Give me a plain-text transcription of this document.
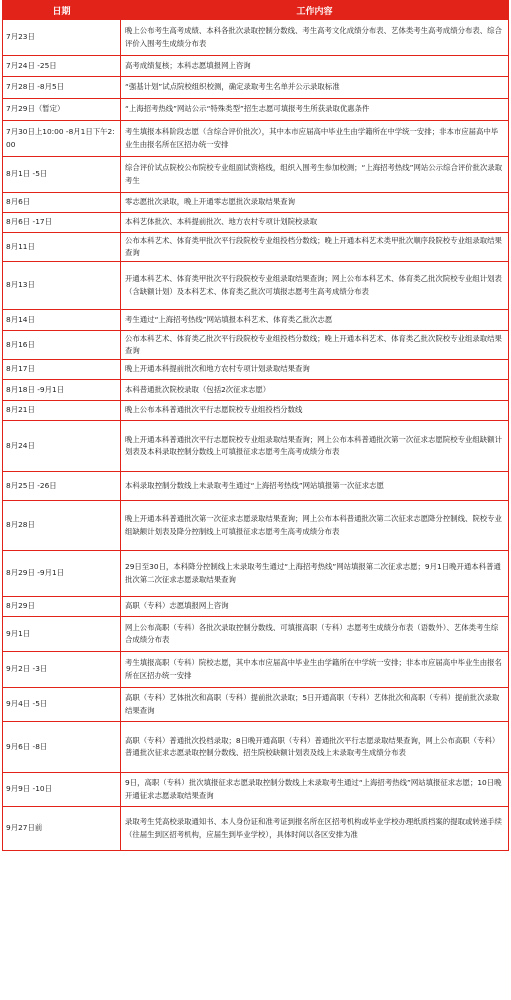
日期	工作内容
7月23日	晚上公布考生高考成绩、本科各批次录取控制分数线、考生高考文化成绩分布表、艺体类考生高考成绩分布表、综合评价入围考生成绩分布表
7月24日 -25日	高考成绩复核；本科志愿填报网上咨询
7月28日 -8月5日	“强基计划”试点院校组织校测，确定录取考生名单并公示录取标准
7月29日（暂定）	“上海招考热线”网站公示“特殊类型”招生志愿可填报考生所获录取优惠条件
7月30日上10:00 -8月1日下午2:00	考生填报本科阶段志愿（含综合评价批次），其中本市应届高中毕业生由学籍所在中学统一安排；非本市应届高中毕业生由报名所在区招办统一安排
8月1日 -5日	综合评价试点院校公布院校专业组面试资格线，组织入围考生参加校测；“上海招考热线”网站公示综合评价批次录取考生
8月6日	零志愿批次录取，晚上开通零志愿批次录取结果查询
8月6日 -17日	本科艺体批次、本科提前批次、地方农村专项计划院校录取
8月11日	公布本科艺术、体育类甲批次平行段院校专业组投档分数线；晚上开通本科艺术类甲批次顺序段院校专业组录取结果查询
8月13日	开通本科艺术、体育类甲批次平行段院校专业组录取结果查询；网上公布本科艺术、体育类乙批次院校专业组计划表（含缺额计划）及本科艺术、体育类乙批次可填报志愿考生高考成绩分布表
8月14日	考生通过“上海招考热线”网站填报本科艺术、体育类乙批次志愿
8月16日	公布本科艺术、体育类乙批次平行段院校专业组投档分数线；晚上开通本科艺术、体育类乙批次院校专业组录取结果查询
8月17日	晚上开通本科提前批次和地方农村专项计划录取结果查询
8月18日 -9月1日	本科普通批次院校录取（包括2次征求志愿）
8月21日	晚上公布本科普通批次平行志愿院校专业组投档分数线
8月24日	晚上开通本科普通批次平行志愿院校专业组录取结果查询；网上公布本科普通批次第一次征求志愿院校专业组缺额计划表及本科录取控制分数线上可填报征求志愿考生高考成绩分布表
8月25日 -26日	本科录取控制分数线上未录取考生通过“上海招考热线”网站填报第一次征求志愿
8月28日	晚上开通本科普通批次第一次征求志愿录取结果查询；网上公布本科普通批次第二次征求志愿降分控制线、院校专业组缺额计划表及降分控制线上可填报征求志愿考生高考成绩分布表
8月29日 -9月1日	29日至30日，本科降分控制线上未录取考生通过“上海招考热线”网站填报第二次征求志愿；9月1日晚开通本科普通批次第二次征求志愿录取结果查询
8月29日	高职（专科）志愿填报网上咨询
9月1日	网上公布高职（专科）各批次录取控制分数线、可填报高职（专科）志愿考生成绩分布表（语数外）、艺体类考生综合成绩分布表
9月2日 -3日	考生填报高职（专科）院校志愿，其中本市应届高中毕业生由学籍所在中学统一安排；非本市应届高中毕业生由报名所在区招办统一安排
9月4日 -5日	高职（专科）艺体批次和高职（专科）提前批次录取；5日开通高职（专科）艺体批次和高职（专科）提前批次录取结果查询
9月6日 -8日	高职（专科）普通批次投档录取；8日晚开通高职（专科）普通批次平行志愿录取结果查询，网上公布高职（专科）普通批次征求志愿录取控制分数线、招生院校缺额计划表及线上未录取考生成绩分布表
9月9日 -10日	9日，高职（专科）批次填报征求志愿录取控制分数线上未录取考生通过“上海招考热线”网站填报征求志愿；10日晚开通征求志愿录取结果查询
9月27日前	录取考生凭高校录取通知书、本人身份证和准考证到报名所在区招考机构或毕业学校办理纸质档案的提取或转递手续（往届生到区招考机构，应届生到毕业学校），具体时间以各区安排为准
